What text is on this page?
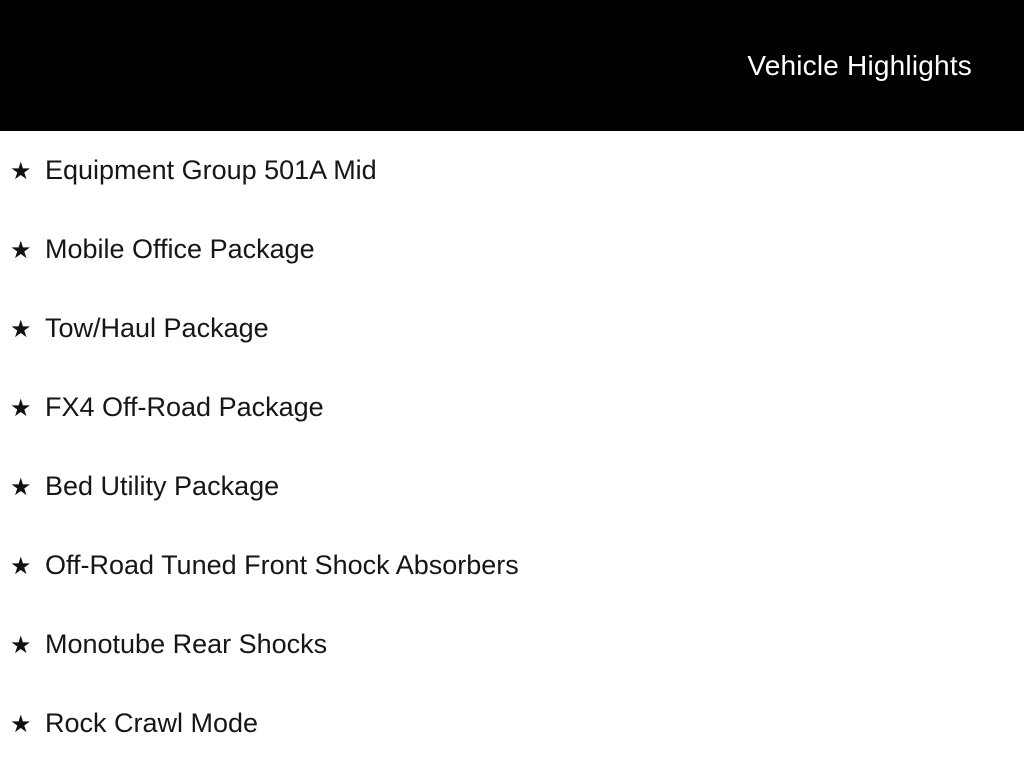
Vehicle Highlights
★ Equipment Group 501A Mid
★ Mobile Office Package
★ Tow/Haul Package
★ FX4 Off-Road Package
★ Bed Utility Package
★ Off-Road Tuned Front Shock Absorbers
★ Monotube Rear Shocks
★ Rock Crawl Mode
